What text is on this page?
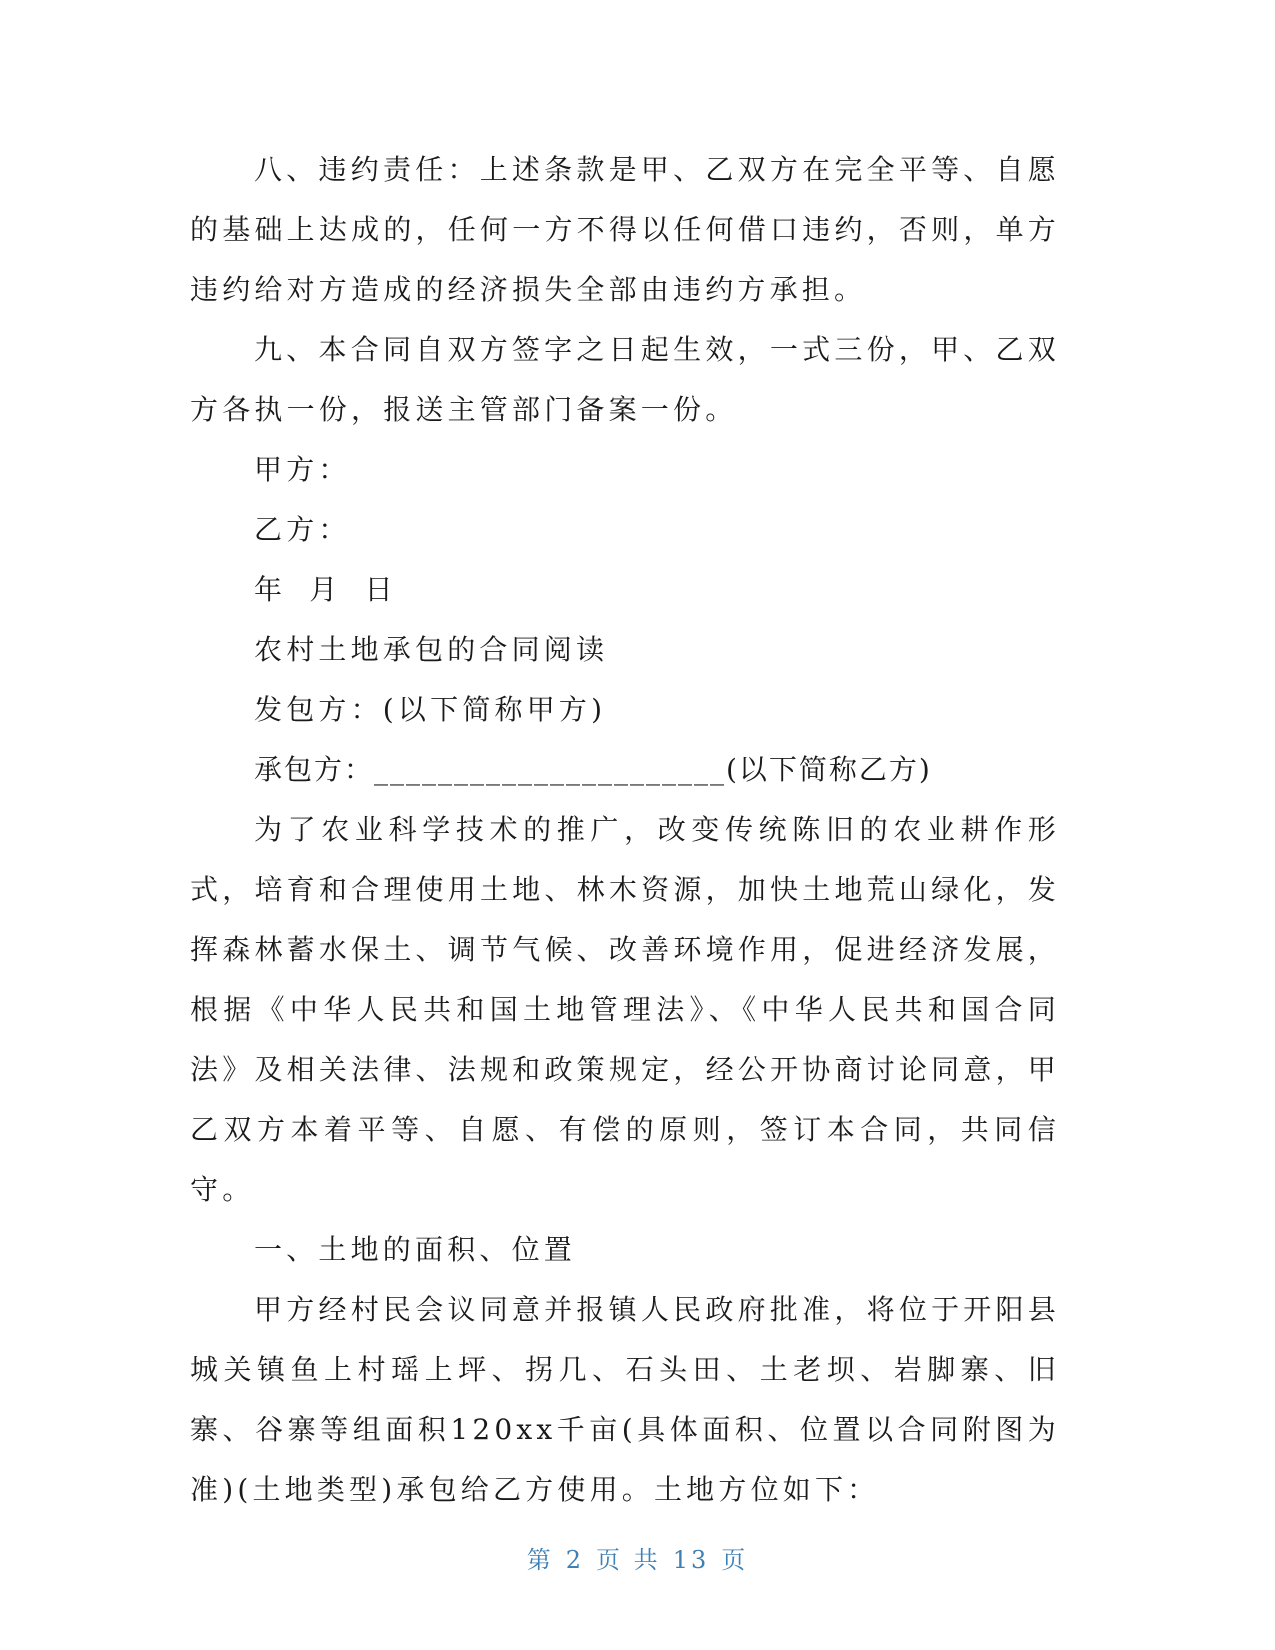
八、违约责任：上述条款是甲、乙双方在完全平等、自愿的基础上达成的，任何一方不得以任何借口违约，否则，单方违约给对方造成的经济损失全部由违约方承担。

九、本合同自双方签字之日起生效，一式三份，甲、乙双方各执一份，报送主管部门备案一份。

甲方：

乙方：

年 月 日

农村土地承包的合同阅读

发包方：(以下简称甲方)

承包方：______________________(以下简称乙方)

为了农业科学技术的推广，改变传统陈旧的农业耕作形式，培育和合理使用土地、林木资源，加快土地荒山绿化，发挥森林蓄水保土、调节气候、改善环境作用，促进经济发展，根据《中华人民共和国土地管理法》、《中华人民共和国合同法》及相关法律、法规和政策规定，经公开协商讨论同意，甲乙双方本着平等、自愿、有偿的原则，签订本合同，共同信守。

一、土地的面积、位置

甲方经村民会议同意并报镇人民政府批准，将位于开阳县城关镇鱼上村瑶上坪、拐几、石头田、土老坝、岩脚寨、旧寨、谷寨等组面积120xx千亩(具体面积、位置以合同附图为准)(土地类型)承包给乙方使用。土地方位如下：

第 2 页 共 13 页
